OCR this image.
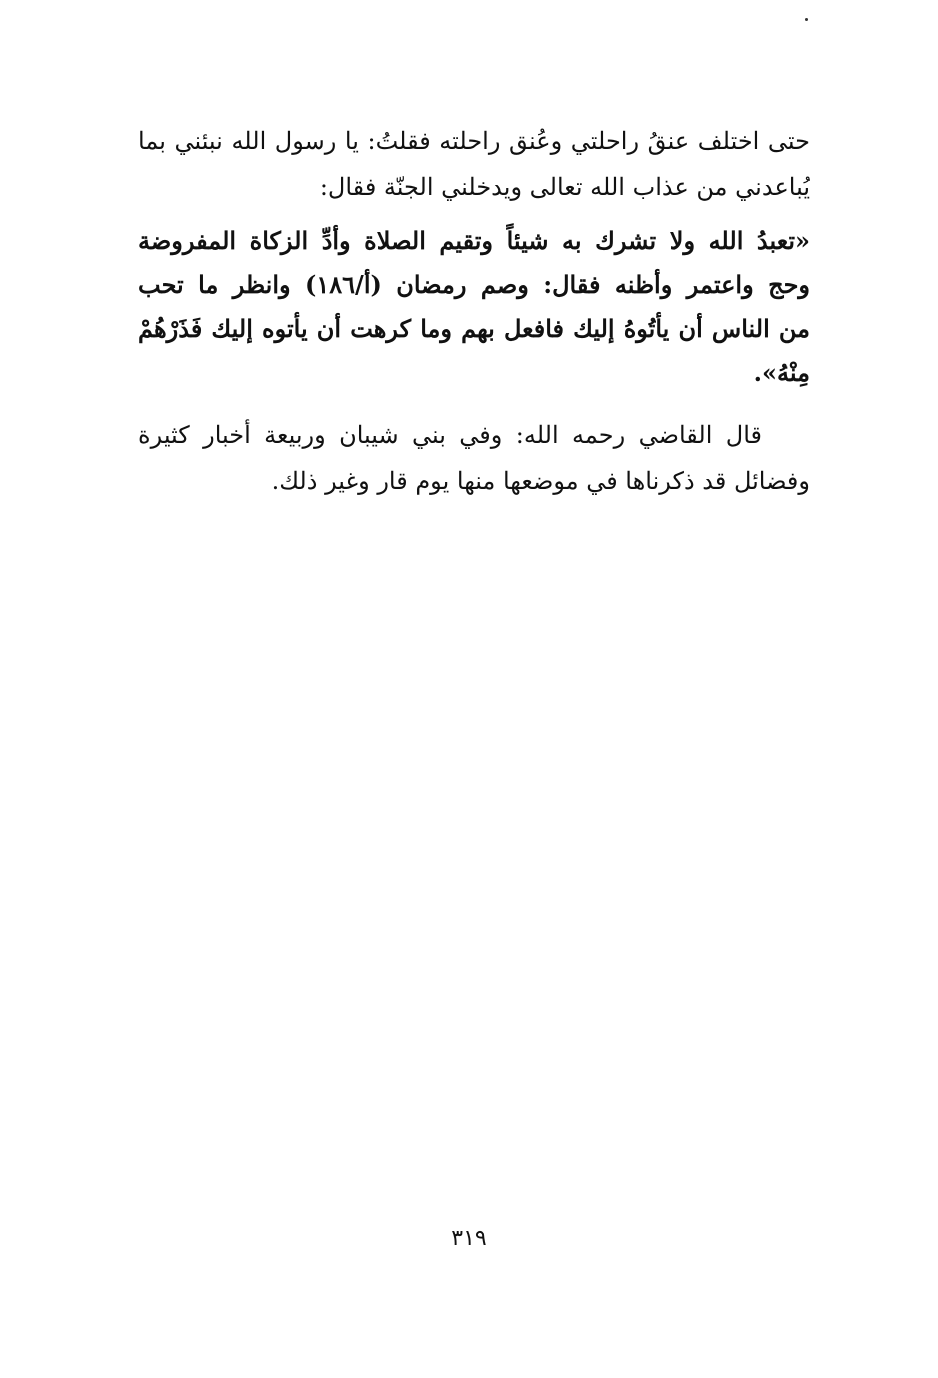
حتى اختلف عنقُ راحلتي وعُنق راحلته فقلتُ: يا رسول الله نبئني بما
يُباعدني من عذاب الله تعالى ويدخلني الجنّة فقال:
«تعبدُ الله ولا تشرك به شيئاً وتقيم الصلاة وأدِّ الزكاة المفروضة
وحج واعتمر وأظنه فقال: وصم رمضان (أ/١٨٦) وانظر ما تحب
من الناس أن يأتُوهُ إليك فافعل بهم وما كرهت أن يأتوه إليك فَذَرْهُمْ
مِنْهُ».
قال القاضي رحمه الله: وفي بني شيبان وربيعة أخبار كثيرة
وفضائل قد ذكرناها في موضعها منها يوم قار وغير ذلك.
٣١٩
